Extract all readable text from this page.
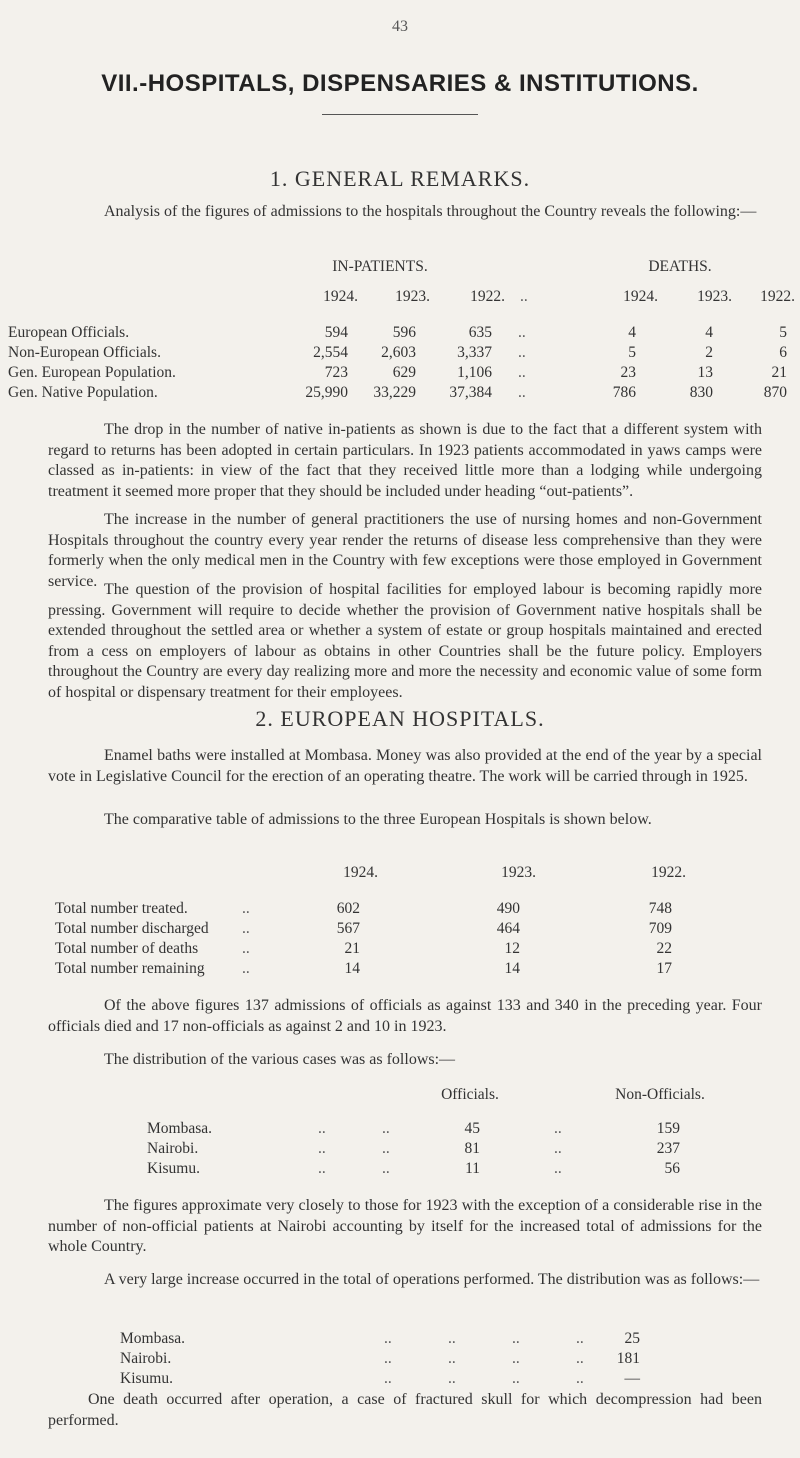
43
VII.-HOSPITALS, DISPENSARIES & INSTITUTIONS.
1. GENERAL REMARKS.

Analysis of the figures of admissions to the hospitals throughout the Country reveals the following:—

IN-PATIENTS.	DEATHS.
1924.	1923.	1922. ..	1924.	1923.	1922.
European Officials.	594	596	635 ..	4	4	5
Non-European Officials.	2,554	2,603	3,337 ..	5	2	6
Gen. European Population.	723	629	1,106 ..	23	13	21
Gen. Native Population.	25,990	33,229	37,384 ..	786	830	870

The drop in the number of native in-patients as shown is due to the fact that a different system with regard to returns has been adopted in certain particulars. In 1923 patients accommodated in yaws camps were classed as in-patients: in view of the fact that they received little more than a lodging while undergoing treatment it seemed more proper that they should be included under heading “out-patients”.

The increase in the number of general practitioners the use of nursing homes and non-Government Hospitals throughout the country every year render the returns of disease less comprehensive than they were formerly when the only medical men in the Country with few exceptions were those employed in Government service. The question of the provision of hospital facilities for employed labour is becoming rapidly more pressing. Government will require to decide whether the provision of Government native hospitals shall be extended throughout the settled area or whether a system of estate or group hospitals maintained and erected from a cess on employers of labour as obtains in other Countries shall be the future policy. Employers throughout the Country are every day realizing more and more the necessity and economic value of some form of hospital or dispensary treatment for their employees.

2. EUROPEAN HOSPITALS.

Enamel baths were installed at Mombasa. Money was also provided at the end of the year by a special vote in Legislative Council for the erection of an operating theatre. The work will be carried through in 1925.

The comparative table of admissions to the three European Hospitals is shown below.

1924.	1923.	1922.
Total number treated.	..	602	490	748
Total number discharged ..	567	464	709
Total number of deaths	..	21	12	22
Total number remaining ..	14	14	17

Of the above figures 137 admissions of officials as against 133 and 340 in the preceding year. Four officials died and 17 non-officials as against 2 and 10 in 1923.

The distribution of the various cases was as follows:—

Officials.	Non-Officials.
Mombasa.	..	..	45	..	159
Nairobi.	..	..	81	..	237
Kisumu.	..	..	11	..	56

The figures approximate very closely to those for 1923 with the exception of a considerable rise in the number of non-official patients at Nairobi accounting by itself for the increased total of admissions for the whole Country.

A very large increase occurred in the total of operations performed. The distribution was as follows:—

Mombasa.	..	..	..	..	25
Nairobi.	..	..	..	..	181
Kisumu.	..	..	..	..	—

One death occurred after operation, a case of fractured skull for which decompression had been performed.
